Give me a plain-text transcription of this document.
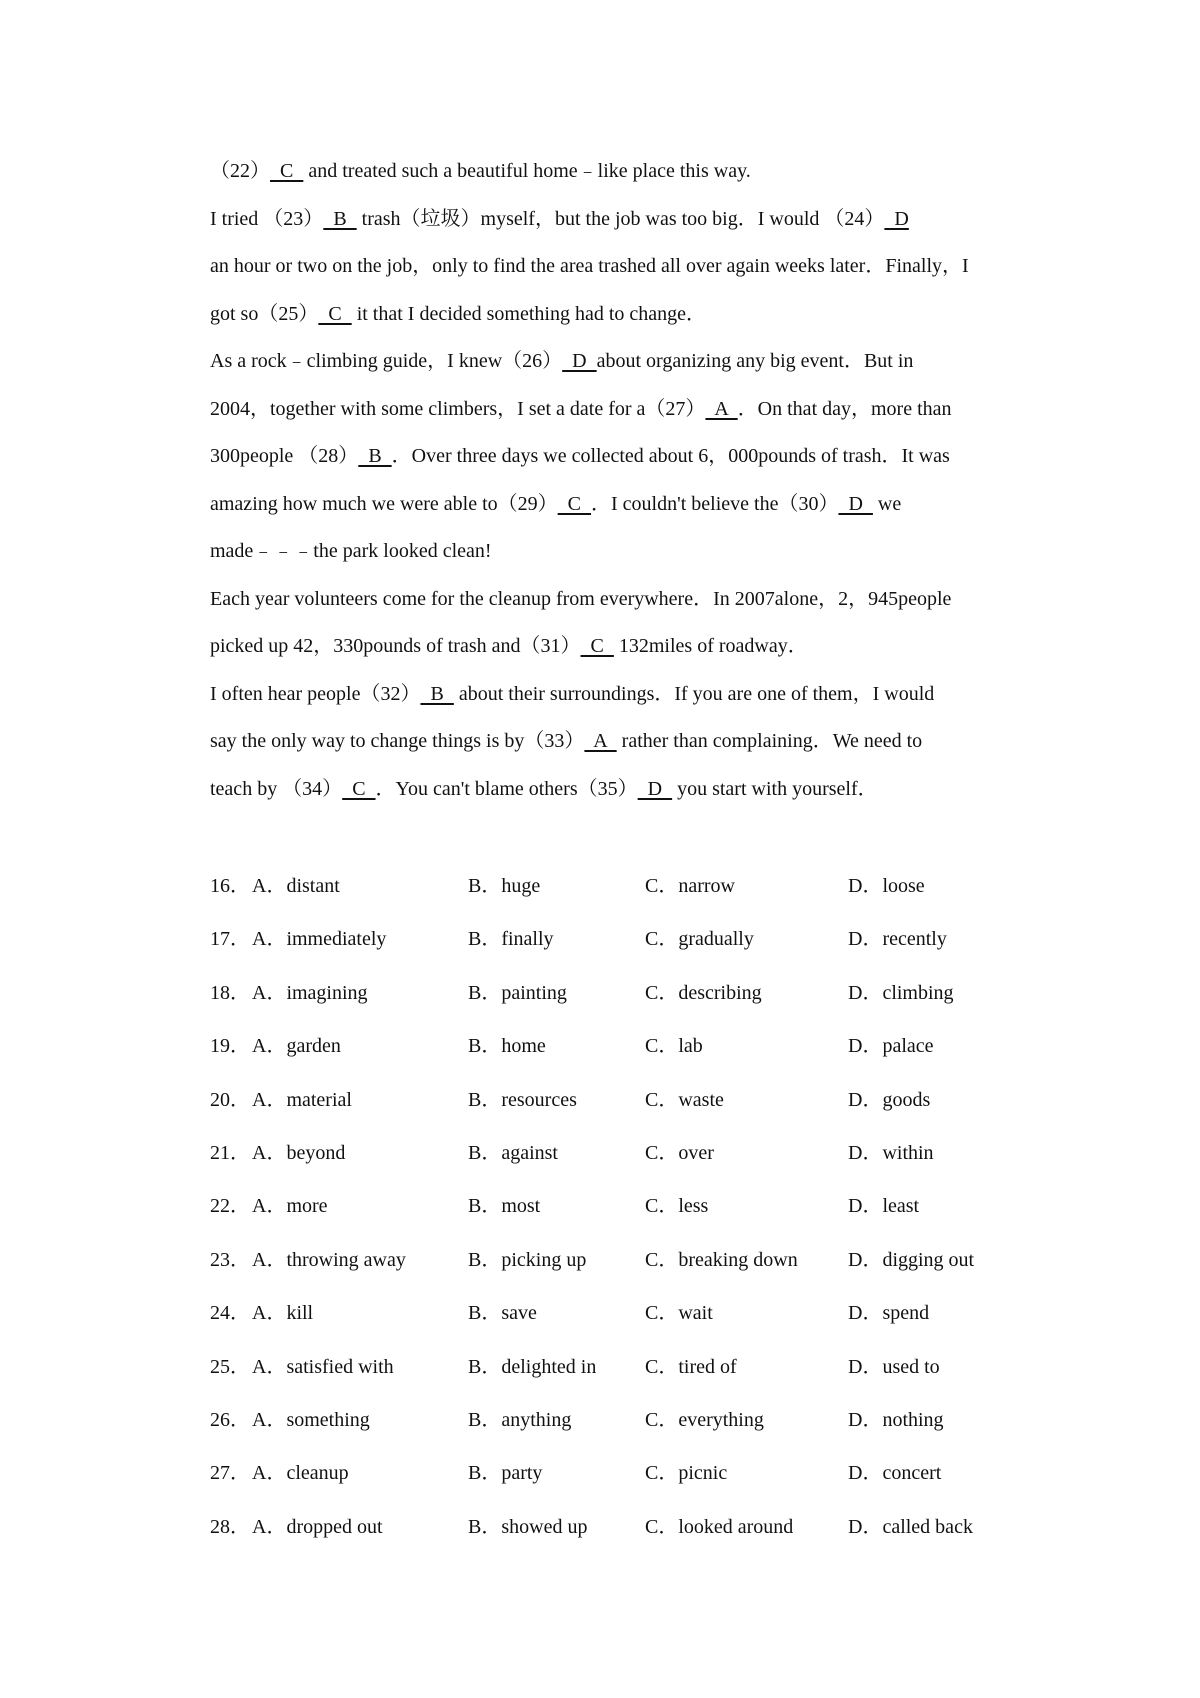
（22） C and treated such a beautiful home﹣like place this way.
I tried （23）  B   trash（垃圾）myself，but the job was too big．I would （24）  D
an hour or two on the job，only to find the area trashed all over again weeks later．Finally，I
got so（25） C it that I decided something had to change．
As a rock﹣climbing guide，I knew（26） D about organizing any big event．But in
2004，together with some climbers，I set a date for a（27） A ．On that day，more than
300people （28） B ．Over three days we collected about 6，000pounds of trash．It was
amazing how much we were able to（29） C ．I couldn't believe the（30） D we
made﹣﹣﹣the park looked clean!
Each year volunteers come for the cleanup from everywhere．In 2007alone，2，945people
picked up 42，330pounds of trash and（31） C 132miles of roadway．
I often hear people（32） B about their surroundings．If you are one of them，I would
say the only way to change things is by（33） A rather than complaining．We need to
teach by （34） C ．You can't blame others（35） D you start with yourself．
16． A．distant	B．huge	C．narrow	D．loose
17． A．immediately	B．finally	C．gradually	D．recently
18． A．imagining	B．painting	C．describing	D．climbing
19． A．garden	B．home	C．lab	D．palace
20． A．material	B．resources	C．waste	D．goods
21． A．beyond	B．against	C．over	D．within
22． A．more	B．most	C．less	D．least
23． A．throwing away	B．picking up	C．breaking down	D．digging out
24． A．kill	B．save	C．wait	D．spend
25． A．satisfied with	B．delighted in C．tired of	D．used to
26． A．something	B．anything	C．everything	D．nothing
27． A．cleanup	B．party	C．picnic	D．concert
28． A．dropped out	B．showed up	C．looked around	D．called back
